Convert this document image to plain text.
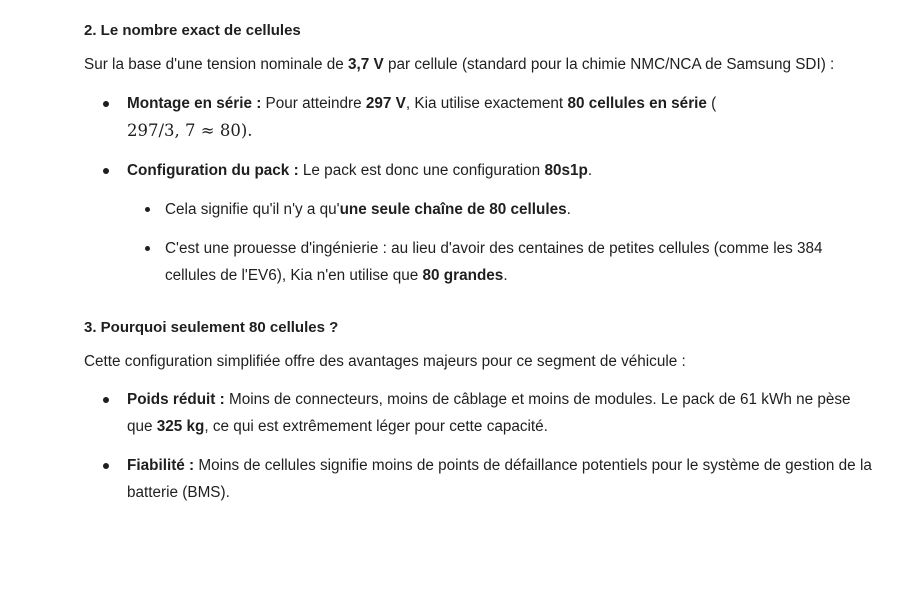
2. Le nombre exact de cellules

Sur la base d'une tension nominale de 3,7 V par cellule (standard pour la chimie NMC/NCA de Samsung SDI) :

Montage en série : Pour atteindre 297 V, Kia utilise exactement 80 cellules en série (
297/3, 7 ≈ 80).
Configuration du pack : Le pack est donc une configuration 80s1p.
Cela signifie qu'il n'y a qu'une seule chaîne de 80 cellules.
C'est une prouesse d'ingénierie : au lieu d'avoir des centaines de petites cellules (comme les 384 cellules de l'EV6), Kia n'en utilise que 80 grandes.
3. Pourquoi seulement 80 cellules ?

Cette configuration simplifiée offre des avantages majeurs pour ce segment de véhicule :

Poids réduit : Moins de connecteurs, moins de câblage et moins de modules. Le pack de 61 kWh ne pèse que 325 kg, ce qui est extrêmement léger pour cette capacité.
Fiabilité : Moins de cellules signifie moins de points de défaillance potentiels pour le système de gestion de la batterie (BMS).
